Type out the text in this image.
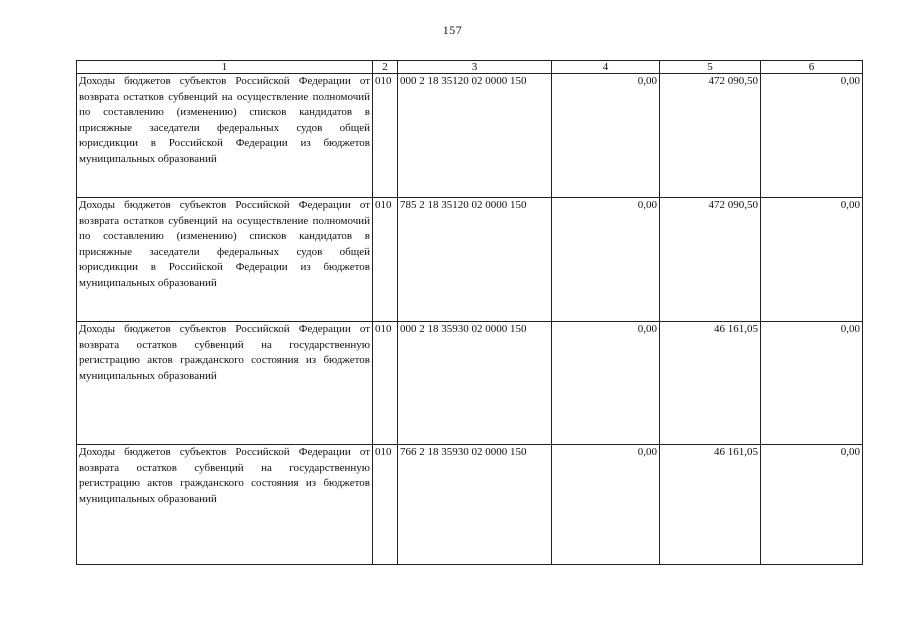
157
1	2	3	4	5	6
Доходы бюджетов субъектов Российской Федерации от возврата остатков субвенций на осуществление полномочий по составлению (изменению) списков кандидатов в присяжные заседатели федеральных судов общей юрисдикции в Российской Федерации из бюджетов муниципальных образований	010	000 2 18 35120 02 0000 150	0,00	472 090,50	0,00
Доходы бюджетов субъектов Российской Федерации от возврата остатков субвенций на осуществление полномочий по составлению (изменению) списков кандидатов в присяжные заседатели федеральных судов общей юрисдикции в Российской Федерации из бюджетов муниципальных образований	010	785 2 18 35120 02 0000 150	0,00	472 090,50	0,00
Доходы бюджетов субъектов Российской Федерации от возврата остатков субвенций на государственную регистрацию актов гражданского состояния из бюджетов муниципальных образований	010	000 2 18 35930 02 0000 150	0,00	46 161,05	0,00
Доходы бюджетов субъектов Российской Федерации от возврата остатков субвенций на государственную регистрацию актов гражданского состояния из бюджетов муниципальных образований	010	766 2 18 35930 02 0000 150	0,00	46 161,05	0,00
